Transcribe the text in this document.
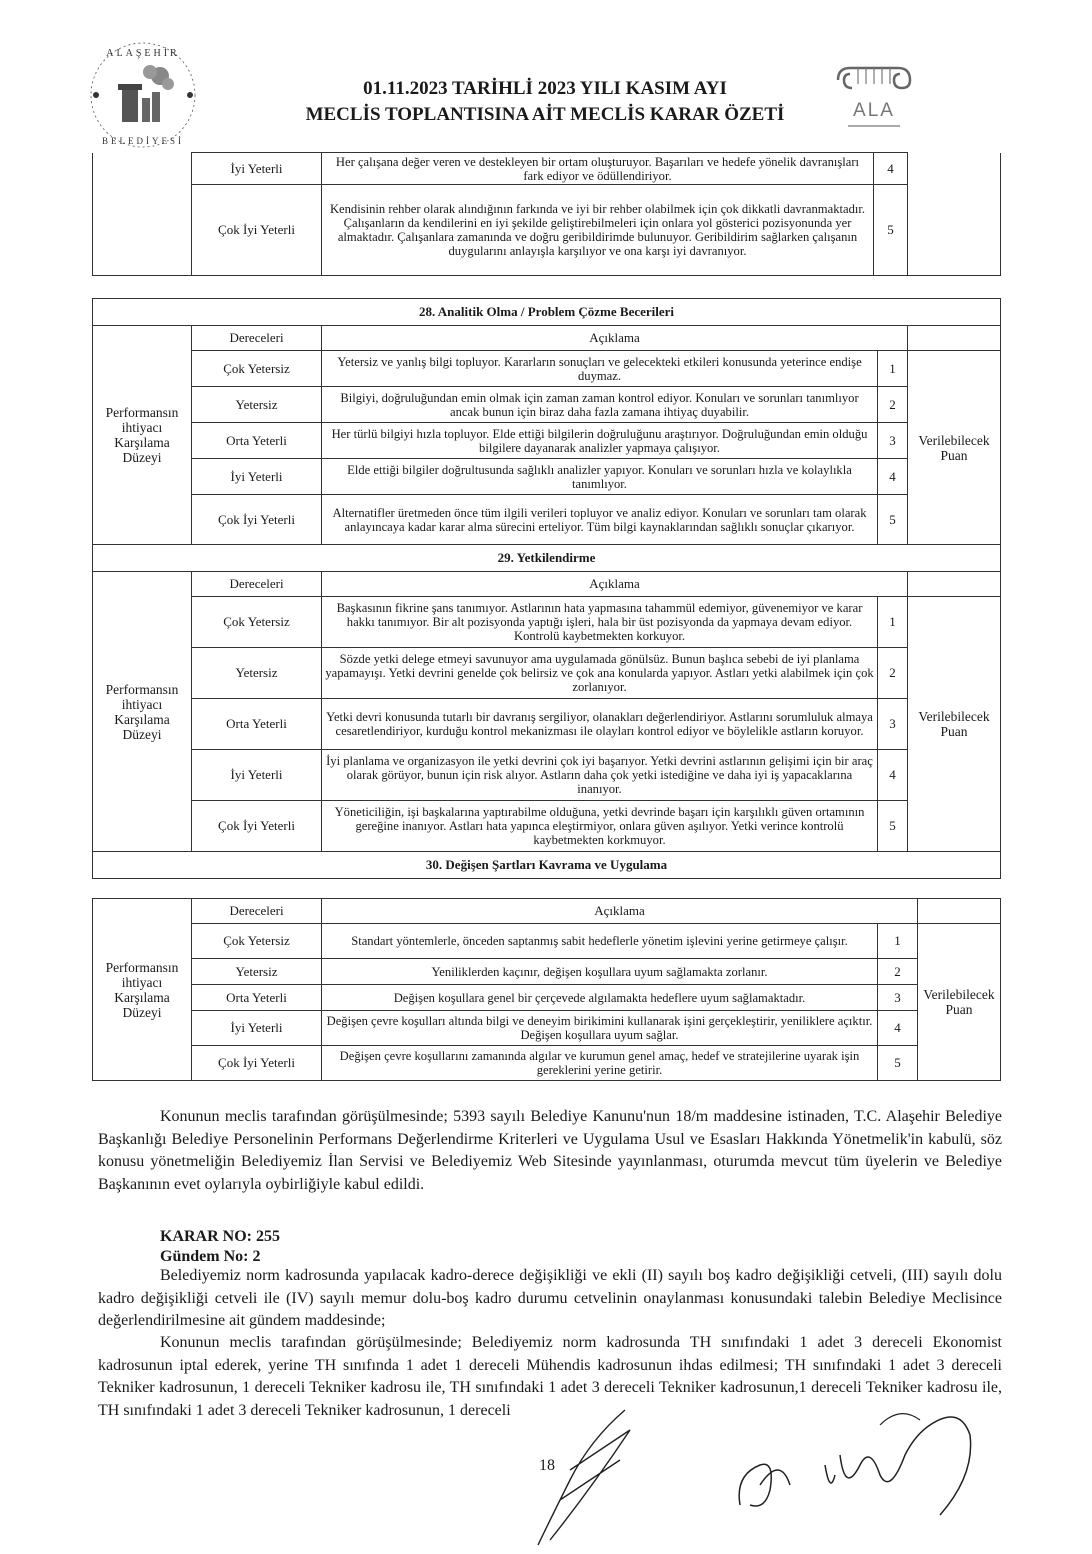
ALAŞEHİR
BELEDİYESİ
01.11.2023 TARİHLİ 2023 YILI KASIM AYI
MECLİS TOPLANTISINA AİT MECLİS KARAR ÖZETİ	ALA
	İyi Yeterli	Her çalışana değer veren ve destekleyen bir ortam oluşturuyor. Başarıları ve hedefe yönelik davranışları fark ediyor ve ödüllendiriyor.	4	
	Çok İyi Yeterli	Kendisinin rehber olarak alındığının farkında ve iyi bir rehber olabilmek için çok dikkatli davranmaktadır. Çalışanların da kendilerini en iyi şekilde geliştirebilmeleri için onlara yol gösterici pozisyonunda yer almaktadır. Çalışanlara zamanında ve doğru geribildirimde bulunuyor. Geribildirim sağlarken çalışanın duygularını anlayışla karşılıyor ve ona karşı iyi davranıyor.	5	
28. Analitik Olma / Problem Çözme Becerileri				
Performansın ihtiyacı Karşılama Düzeyi	Dereceleri	Açıklama		
	Çok Yetersiz	Yetersiz ve yanlış bilgi topluyor. Kararların sonuçları ve gelecekteki etkileri konusunda yeterince endişe duymaz.	1	Verilebilecek Puan
	Yetersiz	Bilgiyi, doğruluğundan emin olmak için zaman zaman kontrol ediyor. Konuları ve sorunları tanımlıyor ancak bunun için biraz daha fazla zamana ihtiyaç duyabilir.	2	
	Orta Yeterli	Her türlü bilgiyi hızla topluyor. Elde ettiği bilgilerin doğruluğunu araştırıyor. Doğruluğundan emin olduğu bilgilere dayanarak analizler yapmaya çalışıyor.	3	
	İyi Yeterli	Elde ettiği bilgiler doğrultusunda sağlıklı analizler yapıyor. Konuları ve sorunları hızla ve kolaylıkla tanımlıyor.	4	
	Çok İyi Yeterli	Alternatifler üretmeden önce tüm ilgili verileri topluyor ve analiz ediyor. Konuları ve sorunları tam olarak anlayıncaya kadar karar alma sürecini erteliyor. Tüm bilgi kaynaklarından sağlıklı sonuçlar çıkarıyor.	5	
29. Yetkilendirme				
Performansın ihtiyacı Karşılama Düzeyi	Dereceleri	Açıklama		
	Çok Yetersiz	Başkasının fikrine şans tanımıyor. Astlarının hata yapmasına tahammül edemiyor, güvenemiyor ve karar hakkı tanımıyor. Bir alt pozisyonda yaptığı işleri, hala bir üst pozisyonda da yapmaya devam ediyor. Kontrolü kaybetmekten korkuyor.	1	Verilebilecek Puan
	Yetersiz	Sözde yetki delege etmeyi savunuyor ama uygulamada gönülsüz. Bunun başlıca sebebi de iyi planlama yapamayışı. Yetki devrini genelde çok belirsiz ve çok ana konularda yapıyor. Astları yetki alabilmek için çok zorlanıyor.	2	
	Orta Yeterli	Yetki devri konusunda tutarlı bir davranış sergiliyor, olanakları değerlendiriyor. Astlarını sorumluluk almaya cesaretlendiriyor, kurduğu kontrol mekanizması ile olayları kontrol ediyor ve böylelikle astların koruyor.	3	
	İyi Yeterli	İyi planlama ve organizasyon ile yetki devrini çok iyi başarıyor. Yetki devrini astlarının gelişimi için bir araç olarak görüyor, bunun için risk alıyor. Astların daha çok yetki istediğine ve daha iyi iş yapacaklarına inanıyor.	4	
	Çok İyi Yeterli	Yöneticiliğin, işi başkalarına yaptırabilme olduğuna, yetki devrinde başarı için karşılıklı güven ortamının gereğine inanıyor. Astları hata yapınca eleştirmiyor, onlara güven aşılıyor. Yetki verince kontrolü kaybetmekten korkmuyor.	5	
30. Değişen Şartları Kavrama ve Uygulama				
Performansın ihtiyacı Karşılama Düzeyi	Dereceleri	Açıklama		
	Çok Yetersiz	Standart yöntemlerle, önceden saptanmış sabit hedeflerle yönetim işlevini yerine getirmeye çalışır.	1	Verilebilecek Puan
	Yetersiz	Yeniliklerden kaçınır, değişen koşullara uyum sağlamakta zorlanır.	2	
	Orta Yeterli	Değişen koşullara genel bir çerçevede algılamakta hedeflere uyum sağlamaktadır.	3	
	İyi Yeterli	Değişen çevre koşulları altında bilgi ve deneyim birikimini kullanarak işini gerçekleştirir, yeniliklere açıktır. Değişen koşullara uyum sağlar.	4	
	Çok İyi Yeterli	Değişen çevre koşullarını zamanında algılar ve kurumun genel amaç, hedef ve stratejilerine uyarak işin gereklerini yerine getirir.	5	

Konunun meclis tarafından görüşülmesinde; 5393 sayılı Belediye Kanunu'nun 18/m maddesine istinaden, T.C. Alaşehir Belediye Başkanlığı Belediye Personelinin Performans Değerlendirme Kriterleri ve Uygulama Usul ve Esasları Hakkında Yönetmelik'in kabulü, söz konusu yönetmeliğin Belediyemiz İlan Servisi ve Belediyemiz Web Sitesinde yayınlanması, oturumda mevcut tüm üyelerin ve Belediye Başkanının evet oylarıyla oybirliğiyle kabul edildi.

KARAR NO: 255
Gündem No: 2

Belediyemiz norm kadrosunda yapılacak kadro-derece değişikliği ve ekli (II) sayılı boş kadro değişikliği cetveli, (III) sayılı dolu kadro değişikliği cetveli ile (IV) sayılı memur dolu-boş kadro durumu cetvelinin onaylanması konusundaki talebin Belediye Meclisince değerlendirilmesine ait gündem maddesinde;

Konunun meclis tarafından görüşülmesinde; Belediyemiz norm kadrosunda TH sınıfındaki 1 adet 3 dereceli Ekonomist kadrosunun iptal ederek, yerine TH sınıfında 1 adet 1 dereceli Mühendis kadrosunun ihdas edilmesi; TH sınıfındaki 1 adet 3 dereceli Tekniker kadrosunun, 1 dereceli Tekniker kadrosu ile, TH sınıfındaki 1 adet 3 dereceli Tekniker kadrosunun,1 dereceli Tekniker kadrosu ile, TH sınıfındaki 1 adet 3 dereceli Tekniker kadrosunun, 1 dereceli

18
